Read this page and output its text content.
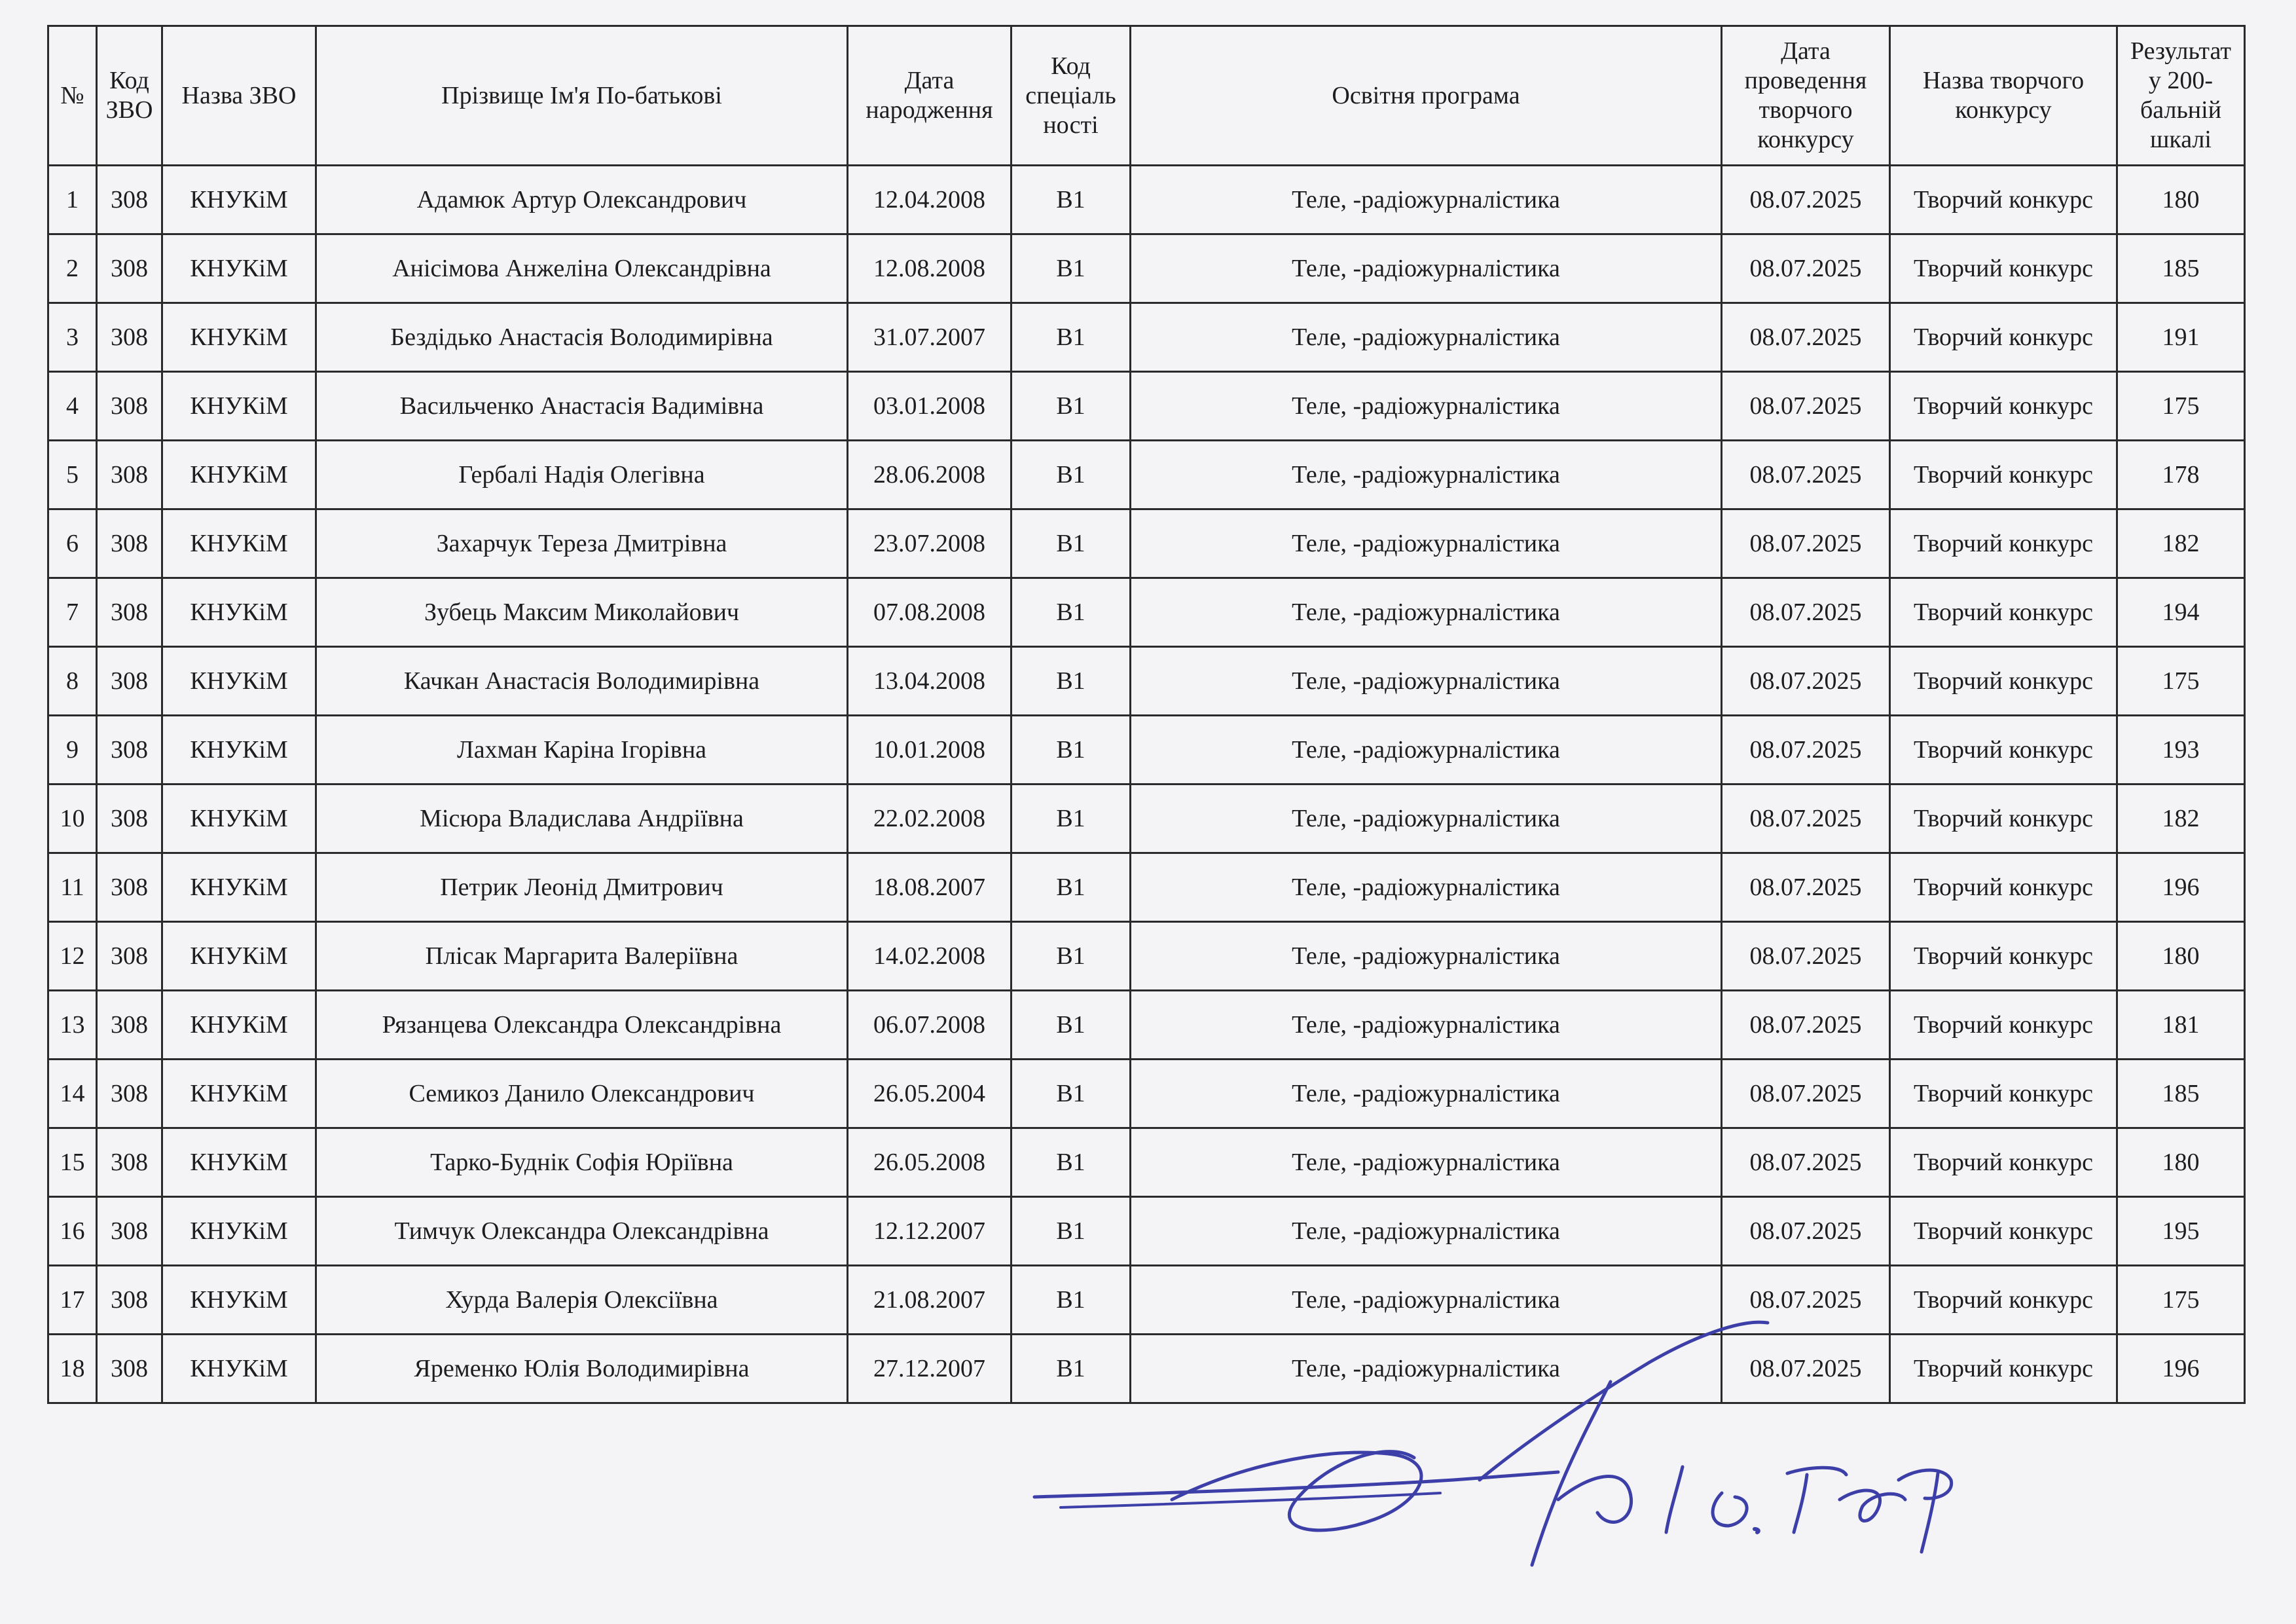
№	Код ЗВО	Назва ЗВО	Прізвище Ім'я По-батькові	Дата народження	Код спеціаль ності	Освітня програма	Дата проведення творчого конкурсу	Назва творчого конкурсу	Результат у 200-бальній шкалі
1	308	КНУКіМ	Адамюк Артур Олександрович	12.04.2008	B1	Теле, -радіожурналістика	08.07.2025	Творчий конкурс	180
2	308	КНУКіМ	Анісімова Анжеліна Олександрівна	12.08.2008	B1	Теле, -радіожурналістика	08.07.2025	Творчий конкурс	185
3	308	КНУКіМ	Бездідько Анастасія Володимирівна	31.07.2007	B1	Теле, -радіожурналістика	08.07.2025	Творчий конкурс	191
4	308	КНУКіМ	Васильченко Анастасія Вадимівна	03.01.2008	B1	Теле, -радіожурналістика	08.07.2025	Творчий конкурс	175
5	308	КНУКіМ	Гербалі Надія Олегівна	28.06.2008	B1	Теле, -радіожурналістика	08.07.2025	Творчий конкурс	178
6	308	КНУКіМ	Захарчук Тереза Дмитрівна	23.07.2008	B1	Теле, -радіожурналістика	08.07.2025	Творчий конкурс	182
7	308	КНУКіМ	Зубець Максим Миколайович	07.08.2008	B1	Теле, -радіожурналістика	08.07.2025	Творчий конкурс	194
8	308	КНУКіМ	Качкан Анастасія Володимирівна	13.04.2008	B1	Теле, -радіожурналістика	08.07.2025	Творчий конкурс	175
9	308	КНУКіМ	Лахман Каріна Ігорівна	10.01.2008	B1	Теле, -радіожурналістика	08.07.2025	Творчий конкурс	193
10	308	КНУКіМ	Місюра Владислава Андріївна	22.02.2008	B1	Теле, -радіожурналістика	08.07.2025	Творчий конкурс	182
11	308	КНУКіМ	Петрик Леонід Дмитрович	18.08.2007	B1	Теле, -радіожурналістика	08.07.2025	Творчий конкурс	196
12	308	КНУКіМ	Плісак Маргарита Валеріївна	14.02.2008	B1	Теле, -радіожурналістика	08.07.2025	Творчий конкурс	180
13	308	КНУКіМ	Рязанцева Олександра Олександрівна	06.07.2008	B1	Теле, -радіожурналістика	08.07.2025	Творчий конкурс	181
14	308	КНУКіМ	Семикоз Данило Олександрович	26.05.2004	B1	Теле, -радіожурналістика	08.07.2025	Творчий конкурс	185
15	308	КНУКіМ	Тарко-Буднік Софія Юріївна	26.05.2008	B1	Теле, -радіожурналістика	08.07.2025	Творчий конкурс	180
16	308	КНУКіМ	Тимчук Олександра Олександрівна	12.12.2007	B1	Теле, -радіожурналістика	08.07.2025	Творчий конкурс	195
17	308	КНУКіМ	Хурда Валерія Олексіївна	21.08.2007	B1	Теле, -радіожурналістика	08.07.2025	Творчий конкурс	175
18	308	КНУКіМ	Яременко Юлія Володимирівна	27.12.2007	B1	Теле, -радіожурналістика	08.07.2025	Творчий конкурс	196
